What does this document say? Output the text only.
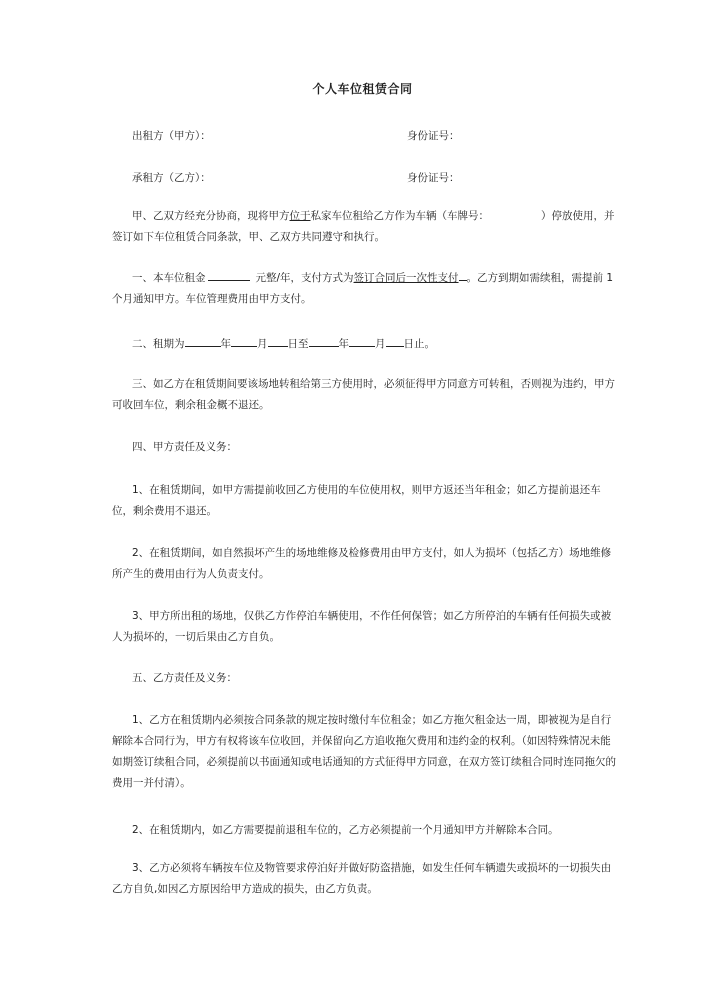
个人车位租赁合同
出租方（甲方）：	身份证号：
承租方（乙方）：	身份证号：
甲、乙双方经充分协商，现将甲方位于私家车位租给乙方作为车辆（车牌号：	）停放使用，并签订如下车位租赁合同条款，甲、乙双方共同遵守和执行。
一、本车位租金	元整/年，支付方式为签订合同后一次性支付 。乙方到期如需续租，需提前 1个月通知甲方。车位管理费用由甲方支付。
二、租期为	年 月 日至	年 月 日止。
三、如乙方在租赁期间要该场地转租给第三方使用时，必须征得甲方同意方可转租，否则视为违约，甲方可收回车位，剩余租金概不退还。
四、甲方责任及义务：
1、在租赁期间，如甲方需提前收回乙方使用的车位使用权，则甲方返还当年租金；如乙方提前退还车位，剩余费用不退还。
2、在租赁期间，如自然损坏产生的场地维修及检修费用由甲方支付，如人为损坏（包括乙方）场地维修所产生的费用由行为人负责支付。
3、甲方所出租的场地，仅供乙方作停泊车辆使用，不作任何保管；如乙方所停泊的车辆有任何损失或被人为损坏的，一切后果由乙方自负。
五、乙方责任及义务：
1、乙方在租赁期内必须按合同条款的规定按时缴付车位租金；如乙方拖欠租金达一周，即被视为是自行解除本合同行为，甲方有权将该车位收回，并保留向乙方追收拖欠费用和违约金的权利。（如因特殊情况未能如期签订续租合同，必须提前以书面通知或电话通知的方式征得甲方同意，在双方签订续租合同时连同拖欠的费用一并付清）。
2、在租赁期内，如乙方需要提前退租车位的，乙方必须提前一个月通知甲方并解除本合同。
3、乙方必须将车辆按车位及物管要求停泊好并做好防盗措施，如发生任何车辆遗失或损坏的一切损失由乙方自负,如因乙方原因给甲方造成的损失，由乙方负责。
